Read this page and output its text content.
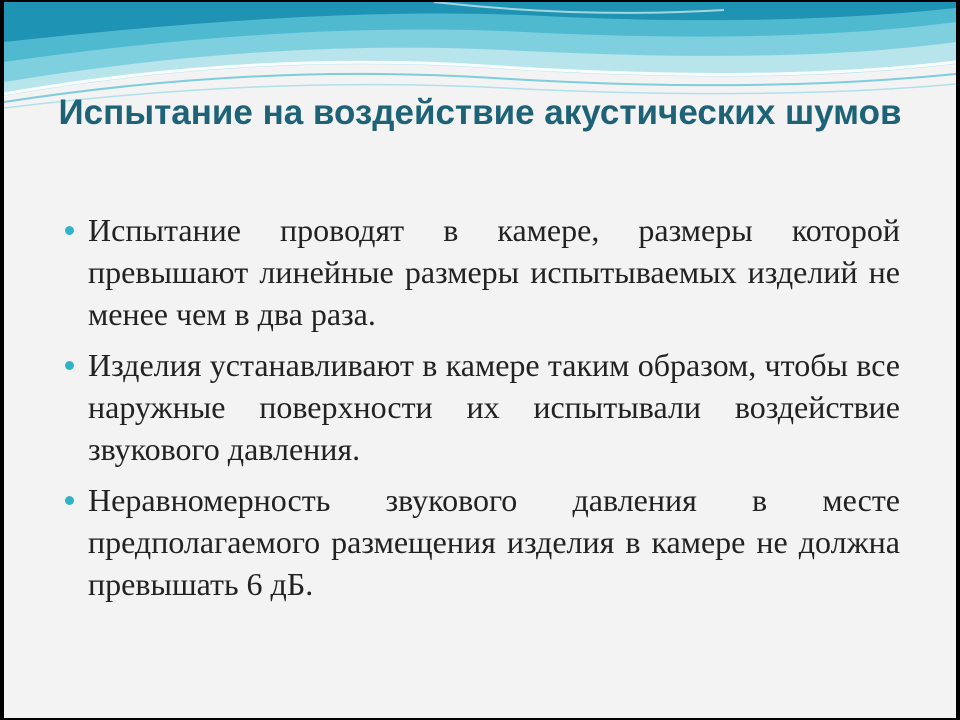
Испытание на воздействие акустических шумов
Испытание проводят в камере, размеры которой превышают линейные размеры испытываемых изделий не менее чем в два раза.
Изделия устанавливают в камере таким образом, чтобы все наружные поверхности их испытывали воздействие звукового давления.
Неравномерность звукового давления в месте предполагаемого размещения изделия в камере не должна превышать 6 дБ.
